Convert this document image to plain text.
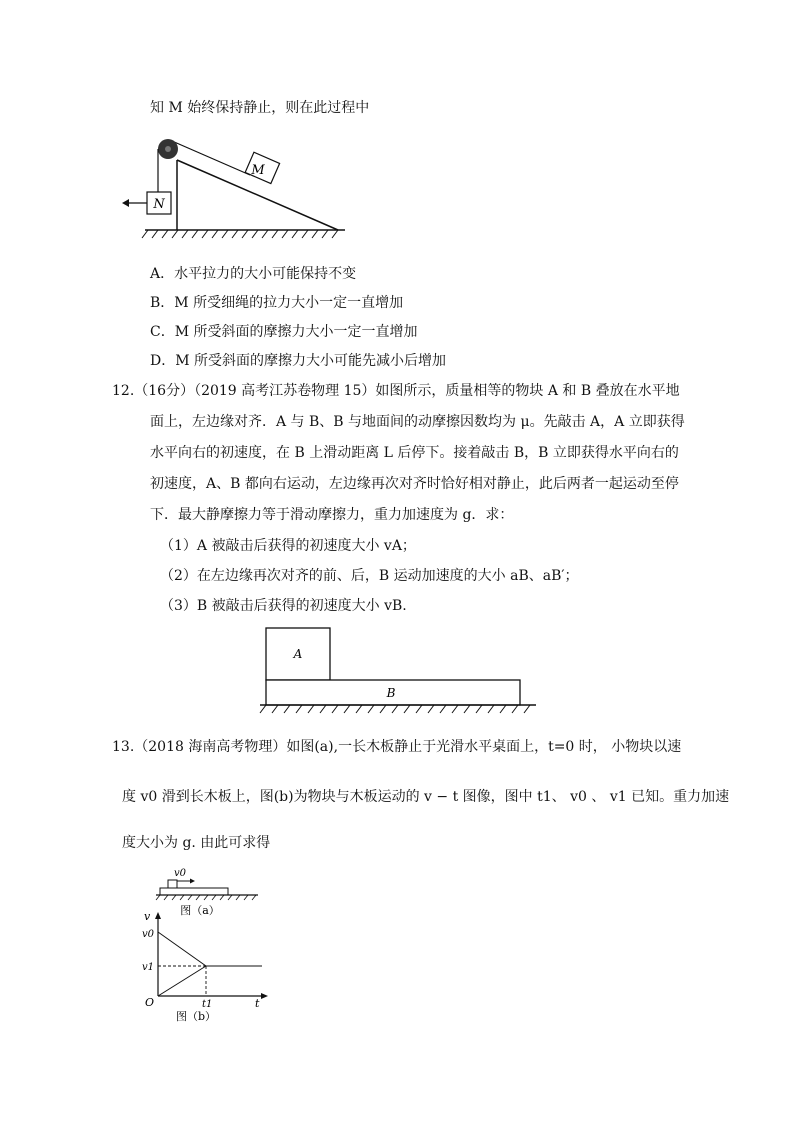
知 M 始终保持静止，则在此过程中
N
M
A．水平拉力的大小可能保持不变
B．M 所受细绳的拉力大小一定一直增加
C．M 所受斜面的摩擦力大小一定一直增加
D．M 所受斜面的摩擦力大小可能先减小后增加
12.（16分）（2019 高考江苏卷物理 15）如图所示，质量相等的物块 A 和 B 叠放在水平地
面上，左边缘对齐．A 与 B、B 与地面间的动摩擦因数均为 μ。先敲击 A，A 立即获得
水平向右的初速度，在 B 上滑动距离 L 后停下。接着敲击 B，B 立即获得水平向右的
初速度，A、B 都向右运动，左边缘再次对齐时恰好相对静止，此后两者一起运动至停
下．最大静摩擦力等于滑动摩擦力，重力加速度为 g．求：
（1）A 被敲击后获得的初速度大小 vA；
（2）在左边缘再次对齐的前、后，B 运动加速度的大小 aB、aB′；
（3）B 被敲击后获得的初速度大小 vB.
A
B
13.（2018 海南高考物理）如图(a),一长木板静止于光滑水平桌面上，t=0 时， 小物块以速
度 v0 滑到长木板上，图(b)为物块与木板运动的 v − t 图像，图中 t1、 v0 、 v1 已知。重力加速
度大小为 g. 由此可求得
v0
图（a）
v
v0
v1
O	t1	t
图（b）
